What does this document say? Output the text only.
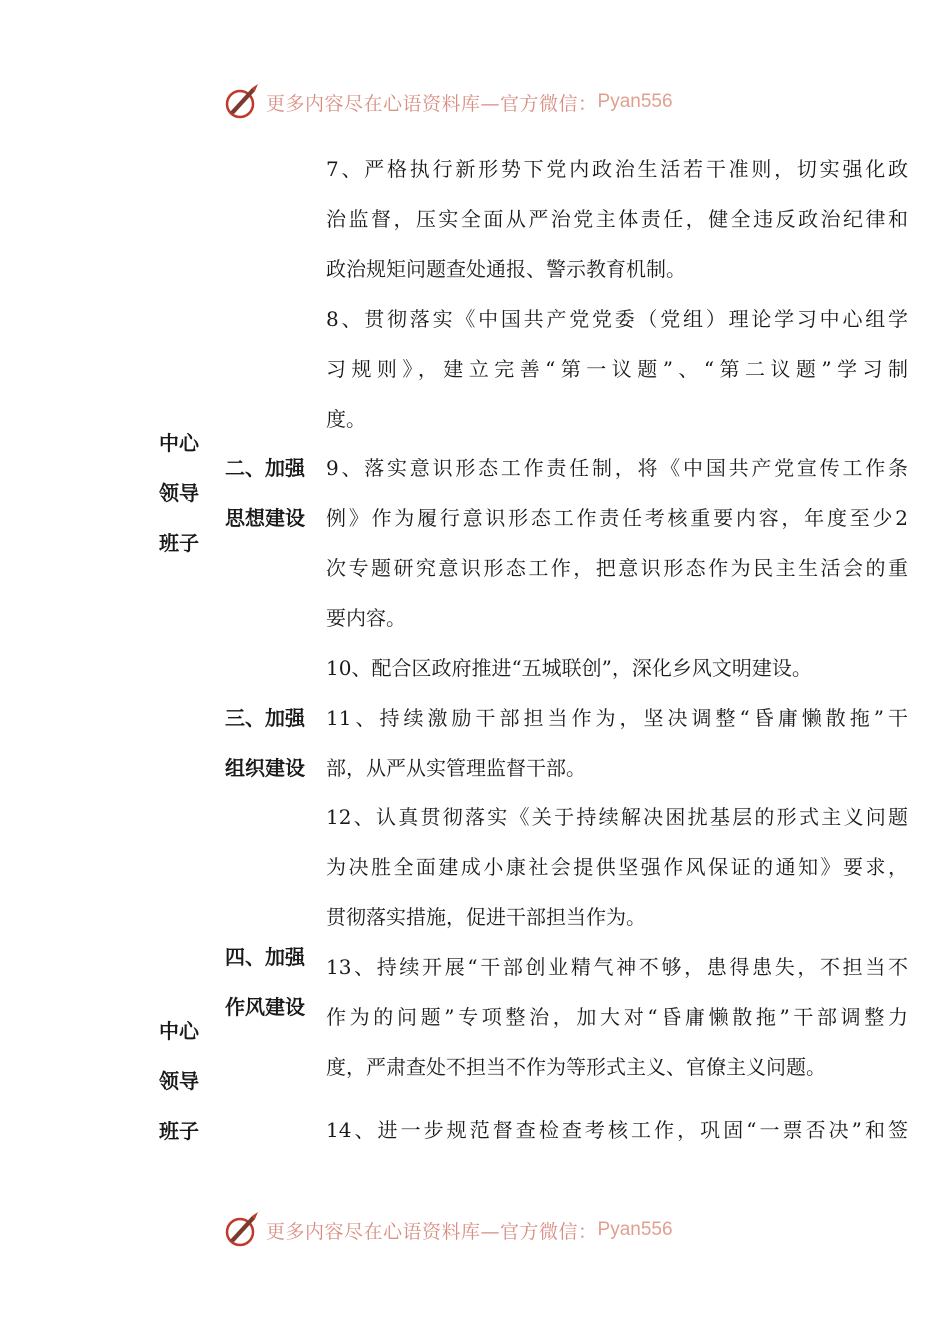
更多内容尽在心语资料库—官方微信： Pyan556
中心
领导
班子
中心
领导
班子
二、加强
思想建设
三、加强
组织建设
四、加强
作风建设
7、严格执行新形势下党内政治生活若干准则，切实强化政
治监督，压实全面从严治党主体责任，健全违反政治纪律和
政治规矩问题查处通报、警示教育机制。
8、贯彻落实《中国共产党党委（党组）理论学习中心组学
习规则》，建立完善“第一议题”、“第二议题”学习制
度。
9、落实意识形态工作责任制，将《中国共产党宣传工作条
例》作为履行意识形态工作责任考核重要内容，年度至少2
次专题研究意识形态工作，把意识形态作为民主生活会的重
要内容。
10、配合区政府推进“五城联创”，深化乡风文明建设。
11、持续激励干部担当作为，坚决调整“昏庸懒散拖”干
部，从严从实管理监督干部。
12、认真贯彻落实《关于持续解决困扰基层的形式主义问题
为决胜全面建成小康社会提供坚强作风保证的通知》要求，
贯彻落实措施，促进干部担当作为。
13、持续开展“干部创业精气神不够，患得患失，不担当不
作为的问题”专项整治，加大对“昏庸懒散拖”干部调整力
度，严肃查处不担当不作为等形式主义、官僚主义问题。
14、进一步规范督查检查考核工作，巩固“一票否决”和签
更多内容尽在心语资料库—官方微信： Pyan556
